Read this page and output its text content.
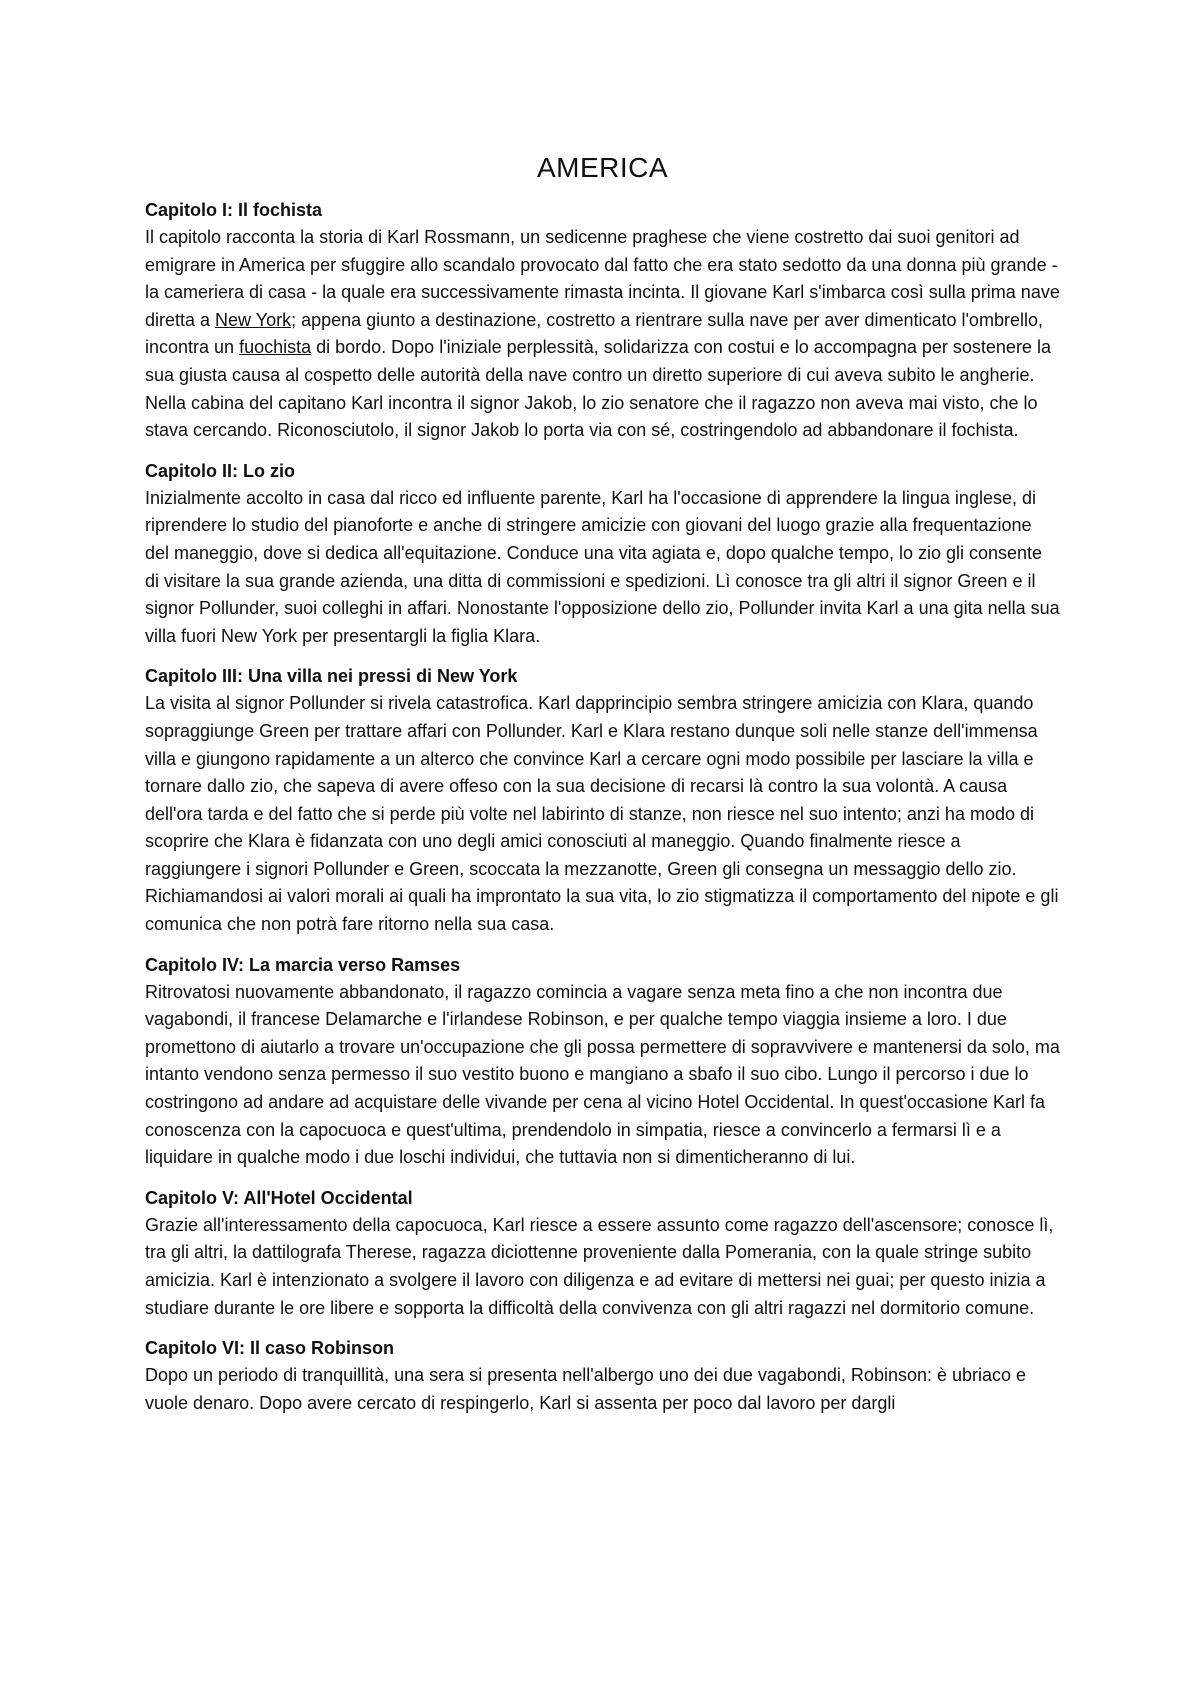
AMERICA
Capitolo I: Il fochista

Il capitolo racconta la storia di Karl Rossmann, un sedicenne praghese che viene costretto dai suoi genitori ad emigrare in America per sfuggire allo scandalo provocato dal fatto che era stato sedotto da una donna più grande - la cameriera di casa - la quale era successivamente rimasta incinta. Il giovane Karl s'imbarca così sulla prima nave diretta a New York; appena giunto a destinazione, costretto a rientrare sulla nave per aver dimenticato l'ombrello, incontra un fuochista di bordo. Dopo l'iniziale perplessità, solidarizza con costui e lo accompagna per sostenere la sua giusta causa al cospetto delle autorità della nave contro un diretto superiore di cui aveva subito le angherie. Nella cabina del capitano Karl incontra il signor Jakob, lo zio senatore che il ragazzo non aveva mai visto, che lo stava cercando. Riconosciutolo, il signor Jakob lo porta via con sé, costringendolo ad abbandonare il fochista.

Capitolo II: Lo zio

Inizialmente accolto in casa dal ricco ed influente parente, Karl ha l'occasione di apprendere la lingua inglese, di riprendere lo studio del pianoforte e anche di stringere amicizie con giovani del luogo grazie alla frequentazione del maneggio, dove si dedica all'equitazione. Conduce una vita agiata e, dopo qualche tempo, lo zio gli consente di visitare la sua grande azienda, una ditta di commissioni e spedizioni. Lì conosce tra gli altri il signor Green e il signor Pollunder, suoi colleghi in affari. Nonostante l'opposizione dello zio, Pollunder invita Karl a una gita nella sua villa fuori New York per presentargli la figlia Klara.

Capitolo III: Una villa nei pressi di New York

La visita al signor Pollunder si rivela catastrofica. Karl dapprincipio sembra stringere amicizia con Klara, quando sopraggiunge Green per trattare affari con Pollunder. Karl e Klara restano dunque soli nelle stanze dell'immensa villa e giungono rapidamente a un alterco che convince Karl a cercare ogni modo possibile per lasciare la villa e tornare dallo zio, che sapeva di avere offeso con la sua decisione di recarsi là contro la sua volontà. A causa dell'ora tarda e del fatto che si perde più volte nel labirinto di stanze, non riesce nel suo intento; anzi ha modo di scoprire che Klara è fidanzata con uno degli amici conosciuti al maneggio. Quando finalmente riesce a raggiungere i signori Pollunder e Green, scoccata la mezzanotte, Green gli consegna un messaggio dello zio. Richiamandosi ai valori morali ai quali ha improntato la sua vita, lo zio stigmatizza il comportamento del nipote e gli comunica che non potrà fare ritorno nella sua casa.

Capitolo IV: La marcia verso Ramses

Ritrovatosi nuovamente abbandonato, il ragazzo comincia a vagare senza meta fino a che non incontra due vagabondi, il francese Delamarche e l'irlandese Robinson, e per qualche tempo viaggia insieme a loro. I due promettono di aiutarlo a trovare un'occupazione che gli possa permettere di sopravvivere e mantenersi da solo, ma intanto vendono senza permesso il suo vestito buono e mangiano a sbafo il suo cibo. Lungo il percorso i due lo costringono ad andare ad acquistare delle vivande per cena al vicino Hotel Occidental. In quest'occasione Karl fa conoscenza con la capocuoca e quest'ultima, prendendolo in simpatia, riesce a convincerlo a fermarsi lì e a liquidare in qualche modo i due loschi individui, che tuttavia non si dimenticheranno di lui.

Capitolo V: All'Hotel Occidental

Grazie all'interessamento della capocuoca, Karl riesce a essere assunto come ragazzo dell'ascensore; conosce lì, tra gli altri, la dattilografa Therese, ragazza diciottenne proveniente dalla Pomerania, con la quale stringe subito amicizia. Karl è intenzionato a svolgere il lavoro con diligenza e ad evitare di mettersi nei guai; per questo inizia a studiare durante le ore libere e sopporta la difficoltà della convivenza con gli altri ragazzi nel dormitorio comune.

Capitolo VI: Il caso Robinson

Dopo un periodo di tranquillità, una sera si presenta nell'albergo uno dei due vagabondi, Robinson: è ubriaco e vuole denaro. Dopo avere cercato di respingerlo, Karl si assenta per poco dal lavoro per dargli
